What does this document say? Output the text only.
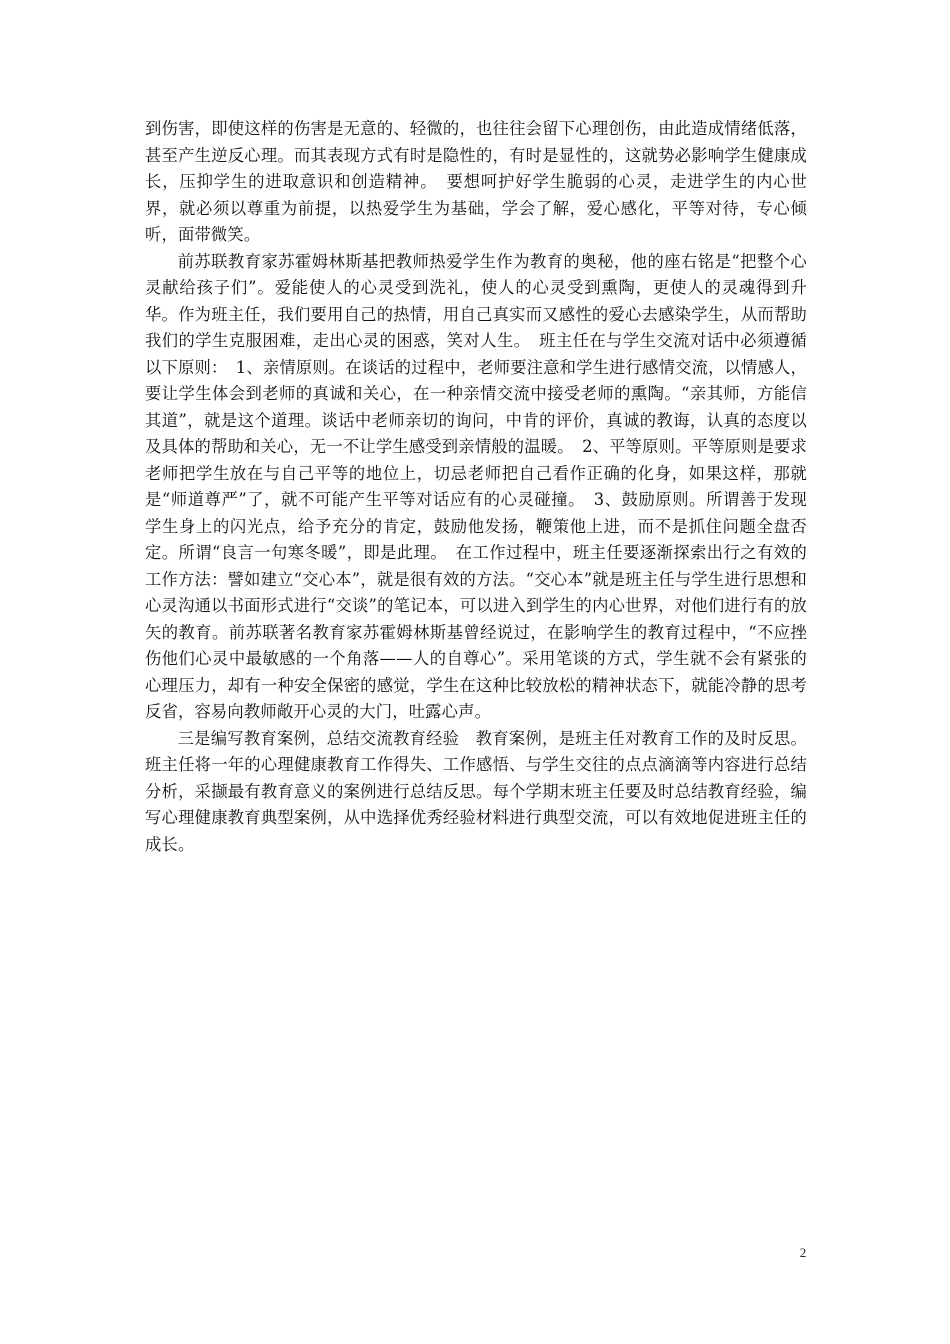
到伤害，即使这样的伤害是无意的、轻微的，也往往会留下心理创伤，由此造成情绪低落，甚至产生逆反心理。而其表现方式有时是隐性的，有时是显性的，这就势必影响学生健康成长，压抑学生的进取意识和创造精神。　要想呵护好学生脆弱的心灵，走进学生的内心世界，就必须以尊重为前提，以热爱学生为基础，学会了解，爱心感化，平等对待，专心倾听，面带微笑。

前苏联教育家苏霍姆林斯基把教师热爱学生作为教育的奥秘，他的座右铭是“把整个心灵献给孩子们”。爱能使人的心灵受到洗礼，使人的心灵受到熏陶，更使人的灵魂得到升华。作为班主任，我们要用自己的热情，用自己真实而又感性的爱心去感染学生，从而帮助我们的学生克服困难，走出心灵的困惑，笑对人生。　班主任在与学生交流对话中必须遵循以下原则：　1、亲情原则。在谈话的过程中，老师要注意和学生进行感情交流，以情感人，要让学生体会到老师的真诚和关心，在一种亲情交流中接受老师的熏陶。“亲其师，方能信其道”，就是这个道理。谈话中老师亲切的询问，中肯的评价，真诚的教诲，认真的态度以及具体的帮助和关心，无一不让学生感受到亲情般的温暖。　2、平等原则。平等原则是要求老师把学生放在与自己平等的地位上，切忌老师把自己看作正确的化身，如果这样，那就是“师道尊严”了，就不可能产生平等对话应有的心灵碰撞。　3、鼓励原则。所谓善于发现学生身上的闪光点，给予充分的肯定，鼓励他发扬，鞭策他上进，而不是抓住问题全盘否定。所谓“良言一句寒冬暖”，即是此理。　在工作过程中，班主任要逐渐探索出行之有效的工作方法：譬如建立“交心本”，就是很有效的方法。“交心本”就是班主任与学生进行思想和心灵沟通以书面形式进行“交谈”的笔记本，可以进入到学生的内心世界，对他们进行有的放矢的教育。前苏联著名教育家苏霍姆林斯基曾经说过，在影响学生的教育过程中，“不应挫伤他们心灵中最敏感的一个角落——人的自尊心”。采用笔谈的方式，学生就不会有紧张的心理压力，却有一种安全保密的感觉，学生在这种比较放松的精神状态下，就能冷静的思考反省，容易向教师敞开心灵的大门，吐露心声。

三是编写教育案例，总结交流教育经验　教育案例，是班主任对教育工作的及时反思。班主任将一年的心理健康教育工作得失、工作感悟、与学生交往的点点滴滴等内容进行总结分析，采撷最有教育意义的案例进行总结反思。每个学期末班主任要及时总结教育经验，编写心理健康教育典型案例，从中选择优秀经验材料进行典型交流，可以有效地促进班主任的成长。

2
